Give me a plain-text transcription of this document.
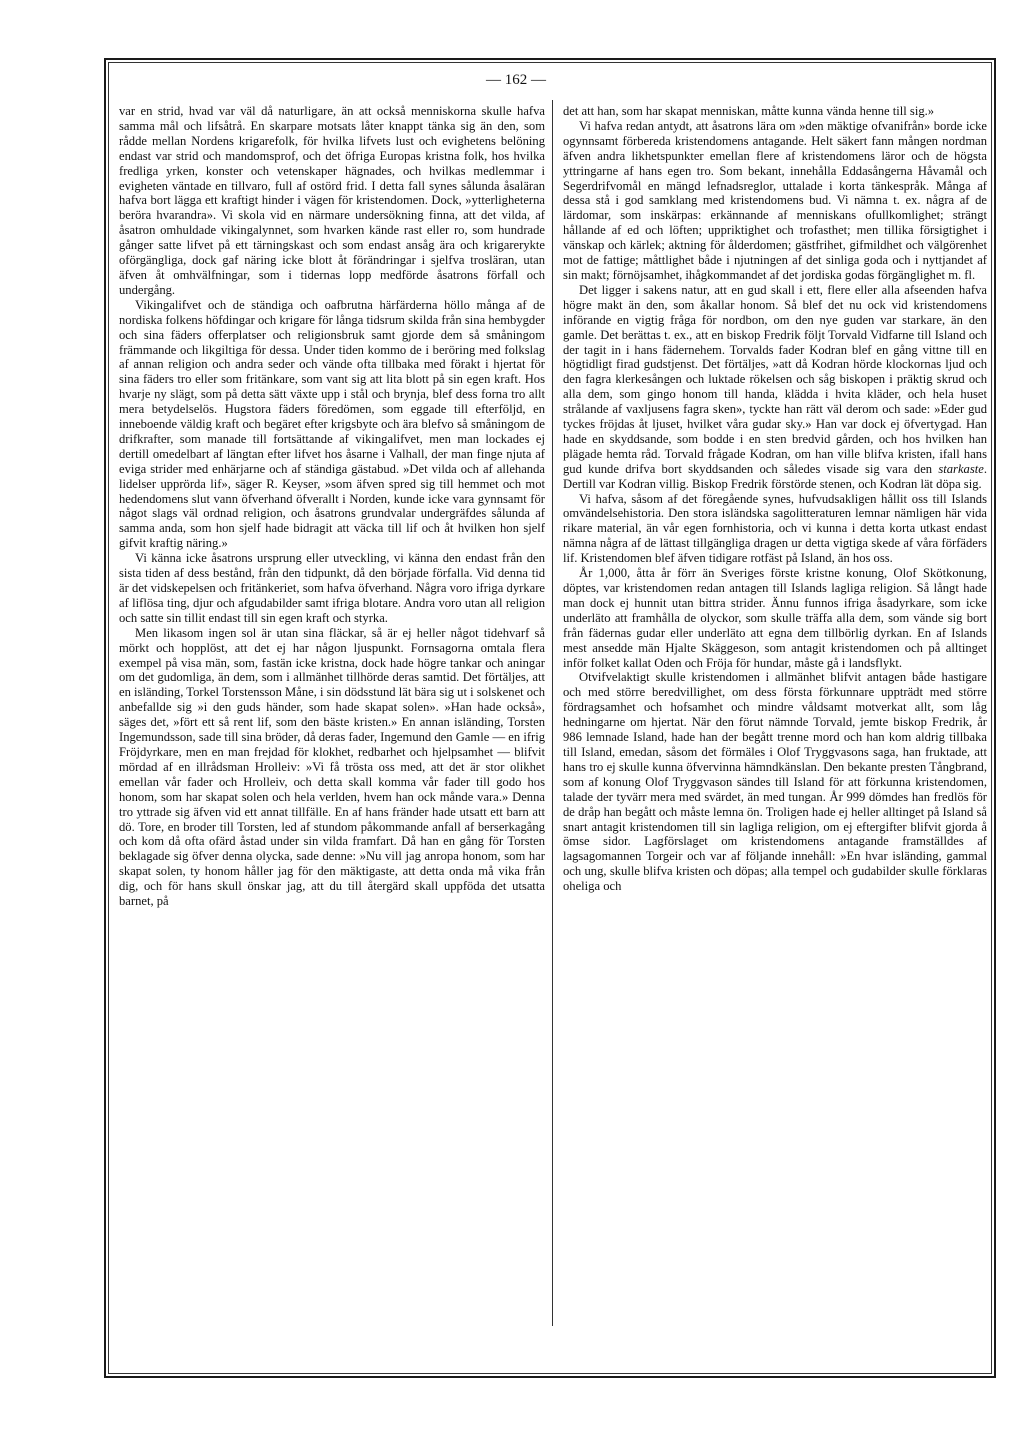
— 162 —

var en strid, hvad var väl då naturligare, än att också menniskorna skulle hafva samma mål och lifsåtrå. En skarpare motsats låter knappt tänka sig än den, som rådde mellan Nordens krigarefolk, för hvilka lifvets lust och evighetens belöning endast var strid och mandomsprof, och det öfriga Europas kristna folk, hos hvilka fredliga yrken, konster och vetenskaper hägnades, och hvilkas medlemmar i evigheten väntade en tillvaro, full af ostörd frid. I detta fall synes sålunda åsaläran hafva bort lägga ett kraftigt hinder i vägen för kristendomen. Dock, »ytterligheterna beröra hvarandra». Vi skola vid en närmare undersökning finna, att det vilda, af åsatron omhuldade vikingalynnet, som hvarken kände rast eller ro, som hundrade gånger satte lifvet på ett tärningskast och som endast ansåg ära och krigarerykte oförgängliga, dock gaf näring icke blott åt förändringar i sjelfva trosläran, utan äfven åt omhvälfningar, som i tidernas lopp medförde åsatrons förfall och undergång.

Vikingalifvet och de ständiga och oafbrutna härfärderna höllo många af de nordiska folkens höfdingar och krigare för långa tidsrum skilda från sina hembygder och sina fäders offerplatser och religionsbruk samt gjorde dem så småningom främmande och likgiltiga för dessa. Under tiden kommo de i beröring med folkslag af annan religion och andra seder och vände ofta tillbaka med förakt i hjertat för sina fäders tro eller som fritänkare, som vant sig att lita blott på sin egen kraft. Hos hvarje ny slägt, som på detta sätt växte upp i stål och brynja, blef dess forna tro allt mera betydelselös. Hugstora fäders föredömen, som eggade till efterföljd, en inneboende väldig kraft och begäret efter krigsbyte och ära blefvo så småningom de drifkrafter, som manade till fortsättande af vikingalifvet, men man lockades ej dertill omedelbart af längtan efter lifvet hos åsarne i Valhall, der man finge njuta af eviga strider med enhärjarne och af ständiga gästabud. »Det vilda och af allehanda lidelser upprörda lif», säger R. Keyser, »som äfven spred sig till hemmet och mot hedendomens slut vann öfverhand öfverallt i Norden, kunde icke vara gynnsamt för något slags väl ordnad religion, och åsatrons grundvalar undergräfdes sålunda af samma anda, som hon sjelf hade bidragit att väcka till lif och åt hvilken hon sjelf gifvit kraftig näring.»

Vi känna icke åsatrons ursprung eller utveckling, vi känna den endast från den sista tiden af dess bestånd, från den tidpunkt, då den började förfalla. Vid denna tid är det vidskepelsen och fritänkeriet, som hafva öfverhand. Några voro ifriga dyrkare af liflösa ting, djur och afgudabilder samt ifriga blotare. Andra voro utan all religion och satte sin tillit endast till sin egen kraft och styrka.

Men likasom ingen sol är utan sina fläckar, så är ej heller något tidehvarf så mörkt och hopplöst, att det ej har någon ljuspunkt. Fornsagorna omtala flera exempel på visa män, som, fastän icke kristna, dock hade högre tankar och aningar om det gudomliga, än dem, som i allmänhet tillhörde deras samtid. Det förtäljes, att en isländing, Torkel Torstensson Måne, i sin dödsstund lät bära sig ut i solskenet och anbefallde sig »i den guds händer, som hade skapat solen». »Han hade också», säges det, »fört ett så rent lif, som den bäste kristen.» En annan isländing, Torsten Ingemundsson, sade till sina bröder, då deras fader, Ingemund den Gamle — en ifrig Fröjdyrkare, men en man frejdad för klokhet, redbarhet och hjelpsamhet — blifvit mördad af en illrådsman Hrolleiv: »Vi få trösta oss med, att det är stor olikhet emellan vår fader och Hrolleiv, och detta skall komma vår fader till godo hos honom, som har skapat solen och hela verlden, hvem han ock månde vara.» Denna tro yttrade sig äfven vid ett annat tillfälle. En af hans fränder hade utsatt ett barn att dö. Tore, en broder till Torsten, led af stundom påkommande anfall af berserkagång och kom då ofta ofärd åstad under sin vilda framfart. Då han en gång för Torsten beklagade sig öfver denna olycka, sade denne: »Nu vill jag anropa honom, som har skapat solen, ty honom håller jag för den mäktigaste, att detta onda må vika från dig, och för hans skull önskar jag, att du till återgärd skall uppföda det utsatta barnet, på

det att han, som har skapat menniskan, måtte kunna vända henne till sig.»

Vi hafva redan antydt, att åsatrons lära om »den mäktige ofvanifrån» borde icke ogynnsamt förbereda kristendomens antagande. Helt säkert fann mången nordman äfven andra likhetspunkter emellan flere af kristendomens läror och de högsta yttringarne af hans egen tro. Som bekant, innehålla Eddasångerna Håvamål och Segerdrifvomål en mängd lefnadsreglor, uttalade i korta tänkespråk. Många af dessa stå i god samklang med kristendomens bud. Vi nämna t. ex. några af de lärdomar, som inskärpas: erkännande af menniskans ofullkomlighet; strängt hållande af ed och löften; uppriktighet och trofasthet; men tillika försigtighet i vänskap och kärlek; aktning för ålderdomen; gästfrihet, gifmildhet och välgörenhet mot de fattige; måttlighet både i njutningen af det sinliga goda och i nyttjandet af sin makt; förnöjsamhet, ihågkommandet af det jordiska godas förgänglighet m. fl.

Det ligger i sakens natur, att en gud skall i ett, flere eller alla afseenden hafva högre makt än den, som åkallar honom. Så blef det nu ock vid kristendomens införande en vigtig fråga för nordbon, om den nye guden var starkare, än den gamle. Det berättas t. ex., att en biskop Fredrik följt Torvald Vidfarne till Island och der tagit in i hans fädernehem. Torvalds fader Kodran blef en gång vittne till en högtidligt firad gudstjenst. Det förtäljes, »att då Kodran hörde klockornas ljud och den fagra klerkesången och luktade rökelsen och såg biskopen i präktig skrud och alla dem, som gingo honom till handa, klädda i hvita kläder, och hela huset strålande af vaxljusens fagra sken», tyckte han rätt väl derom och sade: »Eder gud tyckes fröjdas åt ljuset, hvilket våra gudar sky.» Han var dock ej öfvertygad. Han hade en skyddsande, som bodde i en sten bredvid gården, och hos hvilken han plägade hemta råd. Torvald frågade Kodran, om han ville blifva kristen, ifall hans gud kunde drifva bort skyddsanden och således visade sig vara den starkaste. Dertill var Kodran villig. Biskop Fredrik förstörde stenen, och Kodran lät döpa sig.

Vi hafva, såsom af det föregående synes, hufvudsakligen hållit oss till Islands omvändelsehistoria. Den stora isländska sagolitteraturen lemnar nämligen här vida rikare material, än vår egen fornhistoria, och vi kunna i detta korta utkast endast nämna några af de lättast tillgängliga dragen ur detta vigtiga skede af våra förfäders lif. Kristendomen blef äfven tidigare rotfäst på Island, än hos oss.

År 1,000, åtta år förr än Sveriges förste kristne konung, Olof Skötkonung, döptes, var kristendomen redan antagen till Islands lagliga religion. Så långt hade man dock ej hunnit utan bittra strider. Ännu funnos ifriga åsadyrkare, som icke underläto att framhålla de olyckor, som skulle träffa alla dem, som vände sig bort från fädernas gudar eller underläto att egna dem tillbörlig dyrkan. En af Islands mest ansedde män Hjalte Skäggeson, som antagit kristendomen och på alltinget inför folket kallat Oden och Fröja för hundar, måste gå i landsflykt.

Otvifvelaktigt skulle kristendomen i allmänhet blifvit antagen både hastigare och med större beredvillighet, om dess första förkunnare uppträdt med större fördragsamhet och hofsamhet och mindre våldsamt motverkat allt, som låg hedningarne om hjertat. När den förut nämnde Torvald, jemte biskop Fredrik, år 986 lemnade Island, hade han der begått trenne mord och han kom aldrig tillbaka till Island, emedan, såsom det förmäles i Olof Tryggvasons saga, han fruktade, att hans tro ej skulle kunna öfvervinna hämndkänslan. Den bekante presten Tångbrand, som af konung Olof Tryggvason sändes till Island för att förkunna kristendomen, talade der tyvärr mera med svärdet, än med tungan. År 999 dömdes han fredlös för de dråp han begått och måste lemna ön. Troligen hade ej heller alltinget på Island så snart antagit kristendomen till sin lagliga religion, om ej eftergifter blifvit gjorda å ömse sidor. Lagförslaget om kristendomens antagande framställdes af lagsagomannen Torgeir och var af följande innehåll: »En hvar isländing, gammal och ung, skulle blifva kristen och döpas; alla tempel och gudabilder skulle förklaras oheliga och
